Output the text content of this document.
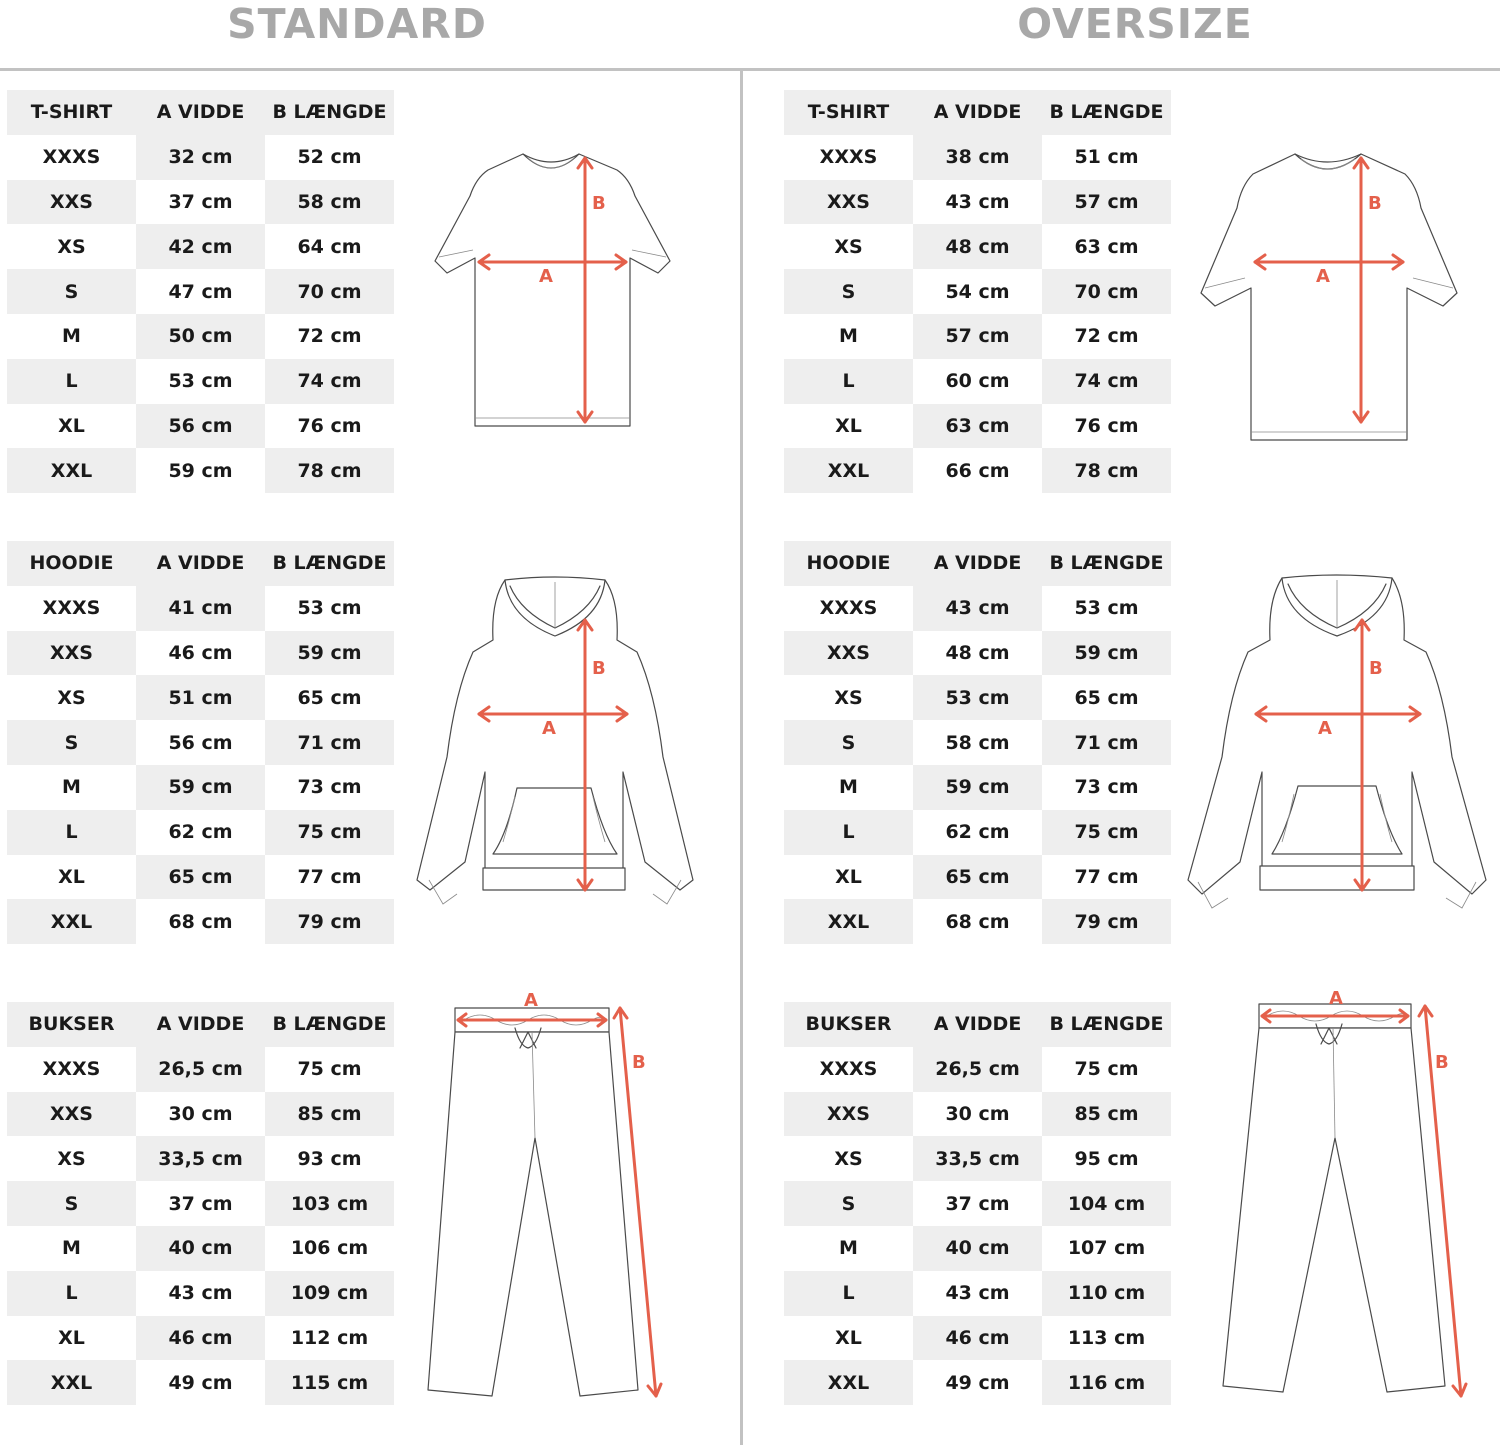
STANDARD	OVERSIZE
T-SHIRT	A VIDDE	B LÆNGDE
XXXS	32 cm	52 cm
XXS	37 cm	58 cm
XS	42 cm	64 cm
S	47 cm	70 cm
M	50 cm	72 cm
L	53 cm	74 cm
XL	56 cm	76 cm
XXL	59 cm	78 cm
HOODIE	A VIDDE	B LÆNGDE
XXXS	41 cm	53 cm
XXS	46 cm	59 cm
XS	51 cm	65 cm
S	56 cm	71 cm
M	59 cm	73 cm
L	62 cm	75 cm
XL	65 cm	77 cm
XXL	68 cm	79 cm
BUKSER	A VIDDE	B LÆNGDE
XXXS	26,5 cm	75 cm
XXS	30 cm	85 cm
XS	33,5 cm	93 cm
S	37 cm	103 cm
M	40 cm	106 cm
L	43 cm	109 cm
XL	46 cm	112 cm
XXL	49 cm	115 cm
T-SHIRT	A VIDDE	B LÆNGDE
XXXS	38 cm	51 cm
XXS	43 cm	57 cm
XS	48 cm	63 cm
S	54 cm	70 cm
M	57 cm	72 cm
L	60 cm	74 cm
XL	63 cm	76 cm
XXL	66 cm	78 cm
HOODIE	A VIDDE	B LÆNGDE
XXXS	43 cm	53 cm
XXS	48 cm	59 cm
XS	53 cm	65 cm
S	58 cm	71 cm
M	59 cm	73 cm
L	62 cm	75 cm
XL	65 cm	77 cm
XXL	68 cm	79 cm
BUKSER	A VIDDE	B LÆNGDE
XXXS	26,5 cm	75 cm
XXS	30 cm	85 cm
XS	33,5 cm	95 cm
S	37 cm	104 cm
M	40 cm	107 cm
L	43 cm	110 cm
XL	46 cm	113 cm
XXL	49 cm	116 cm
A
B
A
B
A
B
A
B
A
B
A
B
